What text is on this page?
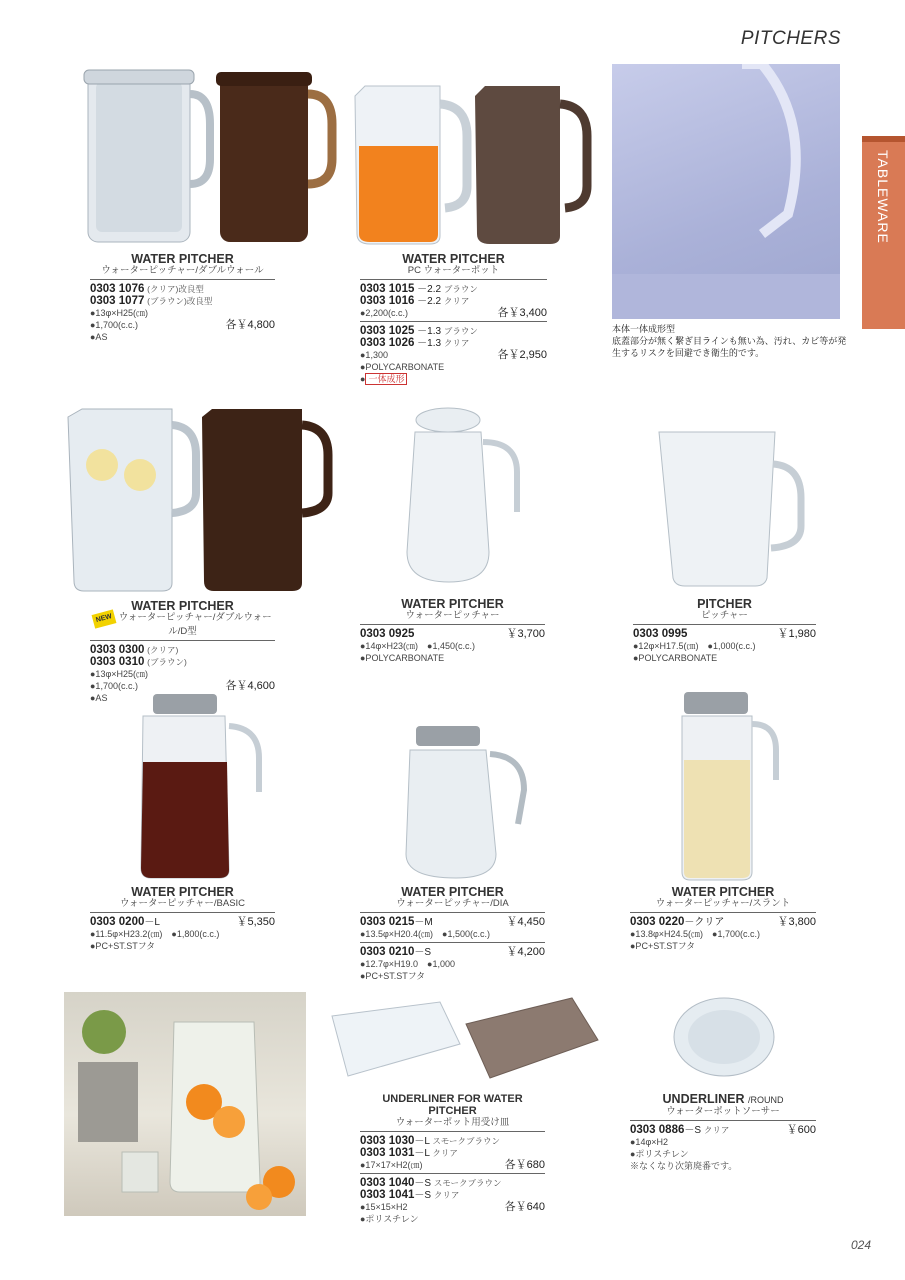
PITCHERS
TABLEWARE
024
WATER PITCHER
ウォーターピッチャー/ダブルウォール
0303 1076 (クリア)改良型
0303 1077 (ブラウン)改良型
●13φ×H25(㎝)
●1,700(c.c.)	各￥4,800
●AS
WATER PITCHER
PC ウォーターポット
0303 1015 －2.2 ブラウン
0303 1016 －2.2 クリア
●2,200(c.c.)	各￥3,400
0303 1025 －1.3 ブラウン
0303 1026 －1.3 クリア
●1,300	各￥2,950
●POLYCARBONATE
● 一体成形
本体一体成形型
底蓋部分が無く繋ぎ目ラインも無い為、汚れ、カビ等が発
生するリスクを回避でき衛生的です。
WATER PITCHER
NEW ウォーターピッチャー/ダブルウォール/D型
0303 0300 (クリア)
0303 0310 (ブラウン)
●13φ×H25(㎝)
●1,700(c.c.)	各￥4,600
●AS
WATER PITCHER
ウォーターピッチャー
0303 0925	￥3,700
●14φ×H23(㎝)　●1,450(c.c.)
●POLYCARBONATE
PITCHER
ピッチャー
0303 0995	￥1,980
●12φ×H17.5(㎝)　●1,000(c.c.)
●POLYCARBONATE
WATER PITCHER
ウォーターピッチャー/BASIC
0303 0200－L	￥5,350
●11.5φ×H23.2(㎝)　●1,800(c.c.)
●PC+ST.STフタ
WATER PITCHER
ウォーターピッチャー/DIA
0303 0215－M	￥4,450
●13.5φ×H20.4(㎝)　●1,500(c.c.)
0303 0210－S	￥4,200
●12.7φ×H19.0　●1,000
●PC+ST.STフタ
WATER PITCHER
ウォーターピッチャー/スラント
0303 0220－クリア	￥3,800
●13.8φ×H24.5(㎝)　●1,700(c.c.)
●PC+ST.STフタ
UNDERLINER FOR WATER PITCHER
ウォーターポット用受け皿
0303 1030－L スモークブラウン
0303 1031－L クリア
●17×17×H2(㎝)	各￥680
0303 1040－S スモークブラウン
0303 1041－S クリア
●15×15×H2	各￥640
●ポリスチレン
UNDERLINER /ROUND
ウォーターポットソーサー
0303 0886－S クリア	￥600
●14φ×H2
●ポリスチレン
※なくなり次第廃番です。
